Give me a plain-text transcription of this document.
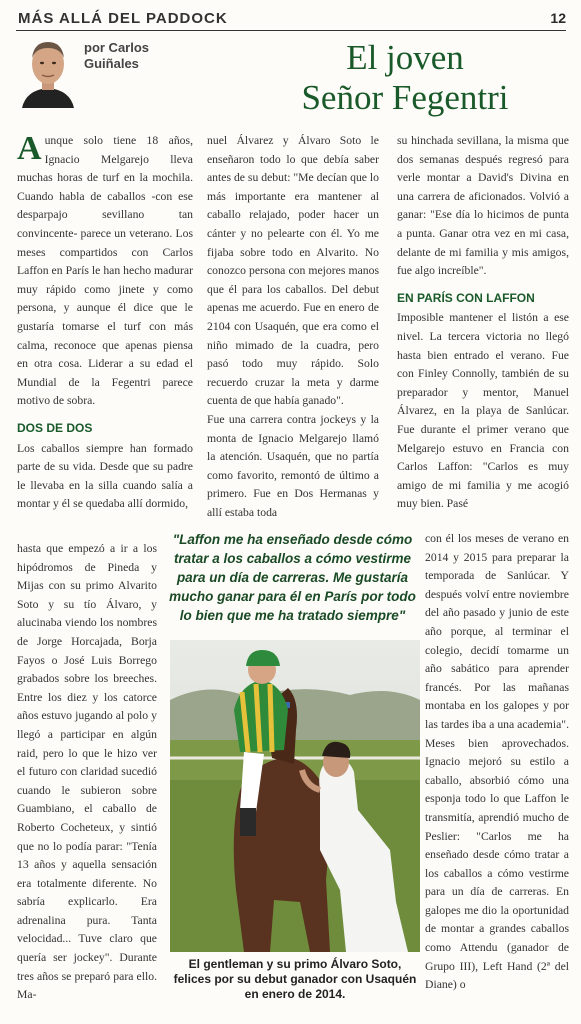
MÁS ALLÁ DEL PADDOCK	12
por Carlos
Guiñales	El joven
Señor Fegentri

Aunque solo tiene 18 años, Ignacio Melgarejo lleva muchas horas de turf en la mochila. Cuando habla de caballos -con ese desparpajo sevillano tan convincente- parece un veterano. Los meses compartidos con Carlos Laffon en París le han hecho madurar muy rápido como jinete y como persona, y aunque él dice que le gustaría tomarse el turf con más calma, reconoce que apenas piensa en otra cosa. Liderar a su edad el Mundial de la Fegentri parece motivo de sobra.

DOS DE DOS

Los caballos siempre han formado parte de su vida. Desde que su padre le llevaba en la silla cuando salía a montar y él se quedaba allí dormido,

hasta que empezó a ir a los hipódromos de Pineda y Mijas con su primo Alvarito Soto y su tío Álvaro, y alucinaba viendo los nombres de Jorge Horcajada, Borja Fayos o José Luis Borrego grabados sobre los breeches. Entre los diez y los catorce años estuvo jugando al polo y llegó a participar en algún raid, pero lo que le hizo ver el futuro con claridad sucedió cuando le subieron sobre Guambiano, el caballo de Roberto Cocheteux, y sintió que no lo podía parar: "Tenía 13 años y aquella sensación era totalmente diferente. No sabría explicarlo. Era adrenalina pura. Tanta velocidad... Tuve claro que quería ser jockey". Durante tres años se preparó para ello. Ma-

nuel Álvarez y Álvaro Soto le enseñaron todo lo que debía saber antes de su debut: "Me decían que lo más importante era mantener al caballo relajado, poder hacer un cánter y no pelearte con él. Yo me fijaba sobre todo en Alvarito. No conozco persona con mejores manos que él para los caballos. Del debut apenas me acuerdo. Fue en enero de 2104 con Usaquén, que era como el niño mimado de la cuadra, pero pasó todo muy rápido. Solo recuerdo cruzar la meta y darme cuenta de que había ganado".

Fue una carrera contra jockeys y la monta de Ignacio Melgarejo llamó la atención. Usaquén, que no partía como favorito, remontó de último a primero. Fue en Dos Hermanas y allí estaba toda

su hinchada sevillana, la misma que dos semanas después regresó para verle montar a David's Divina en una carrera de aficionados. Volvió a ganar: "Ese día lo hicimos de punta a punta. Ganar otra vez en mi casa, delante de mi familia y mis amigos, fue algo increíble".

EN PARÍS CON LAFFON

Imposible mantener el listón a ese nivel. La tercera victoria no llegó hasta bien entrado el verano. Fue con Finley Connolly, también de su preparador y mentor, Manuel Álvarez, en la playa de Sanlúcar. Fue durante el primer verano que Melgarejo estuvo en Francia con Carlos Laffon: "Carlos es muy amigo de mi familia y me acogió muy bien. Pasé

con él los meses de verano en 2014 y 2015 para preparar la temporada de Sanlúcar. Y después volví entre noviembre del año pasado y junio de este año porque, al terminar el colegio, decidí tomarme un año sabático para aprender francés. Por las mañanas montaba en los galopes y por las tardes iba a una academia". Meses bien aprovechados. Ignacio mejoró su estilo a caballo, absorbió cómo una esponja todo lo que Laffon le transmitía, aprendió mucho de Peslier: "Carlos me ha enseñado desde cómo tratar a los caballos a cómo vestirme para un día de carreras. En galopes me dio la oportunidad de montar a grandes caballos como Attendu (ganador de Grupo III), Left Hand (2ª del Diane) o

"Laffon me ha enseñado desde cómo tratar a los caballos a cómo vestirme para un día de carreras. Me gustaría mucho ganar para él en París por todo lo bien que me ha tratado siempre"
El gentleman y su primo Álvaro Soto, felices por su debut ganador con Usaquén en enero de 2014.
